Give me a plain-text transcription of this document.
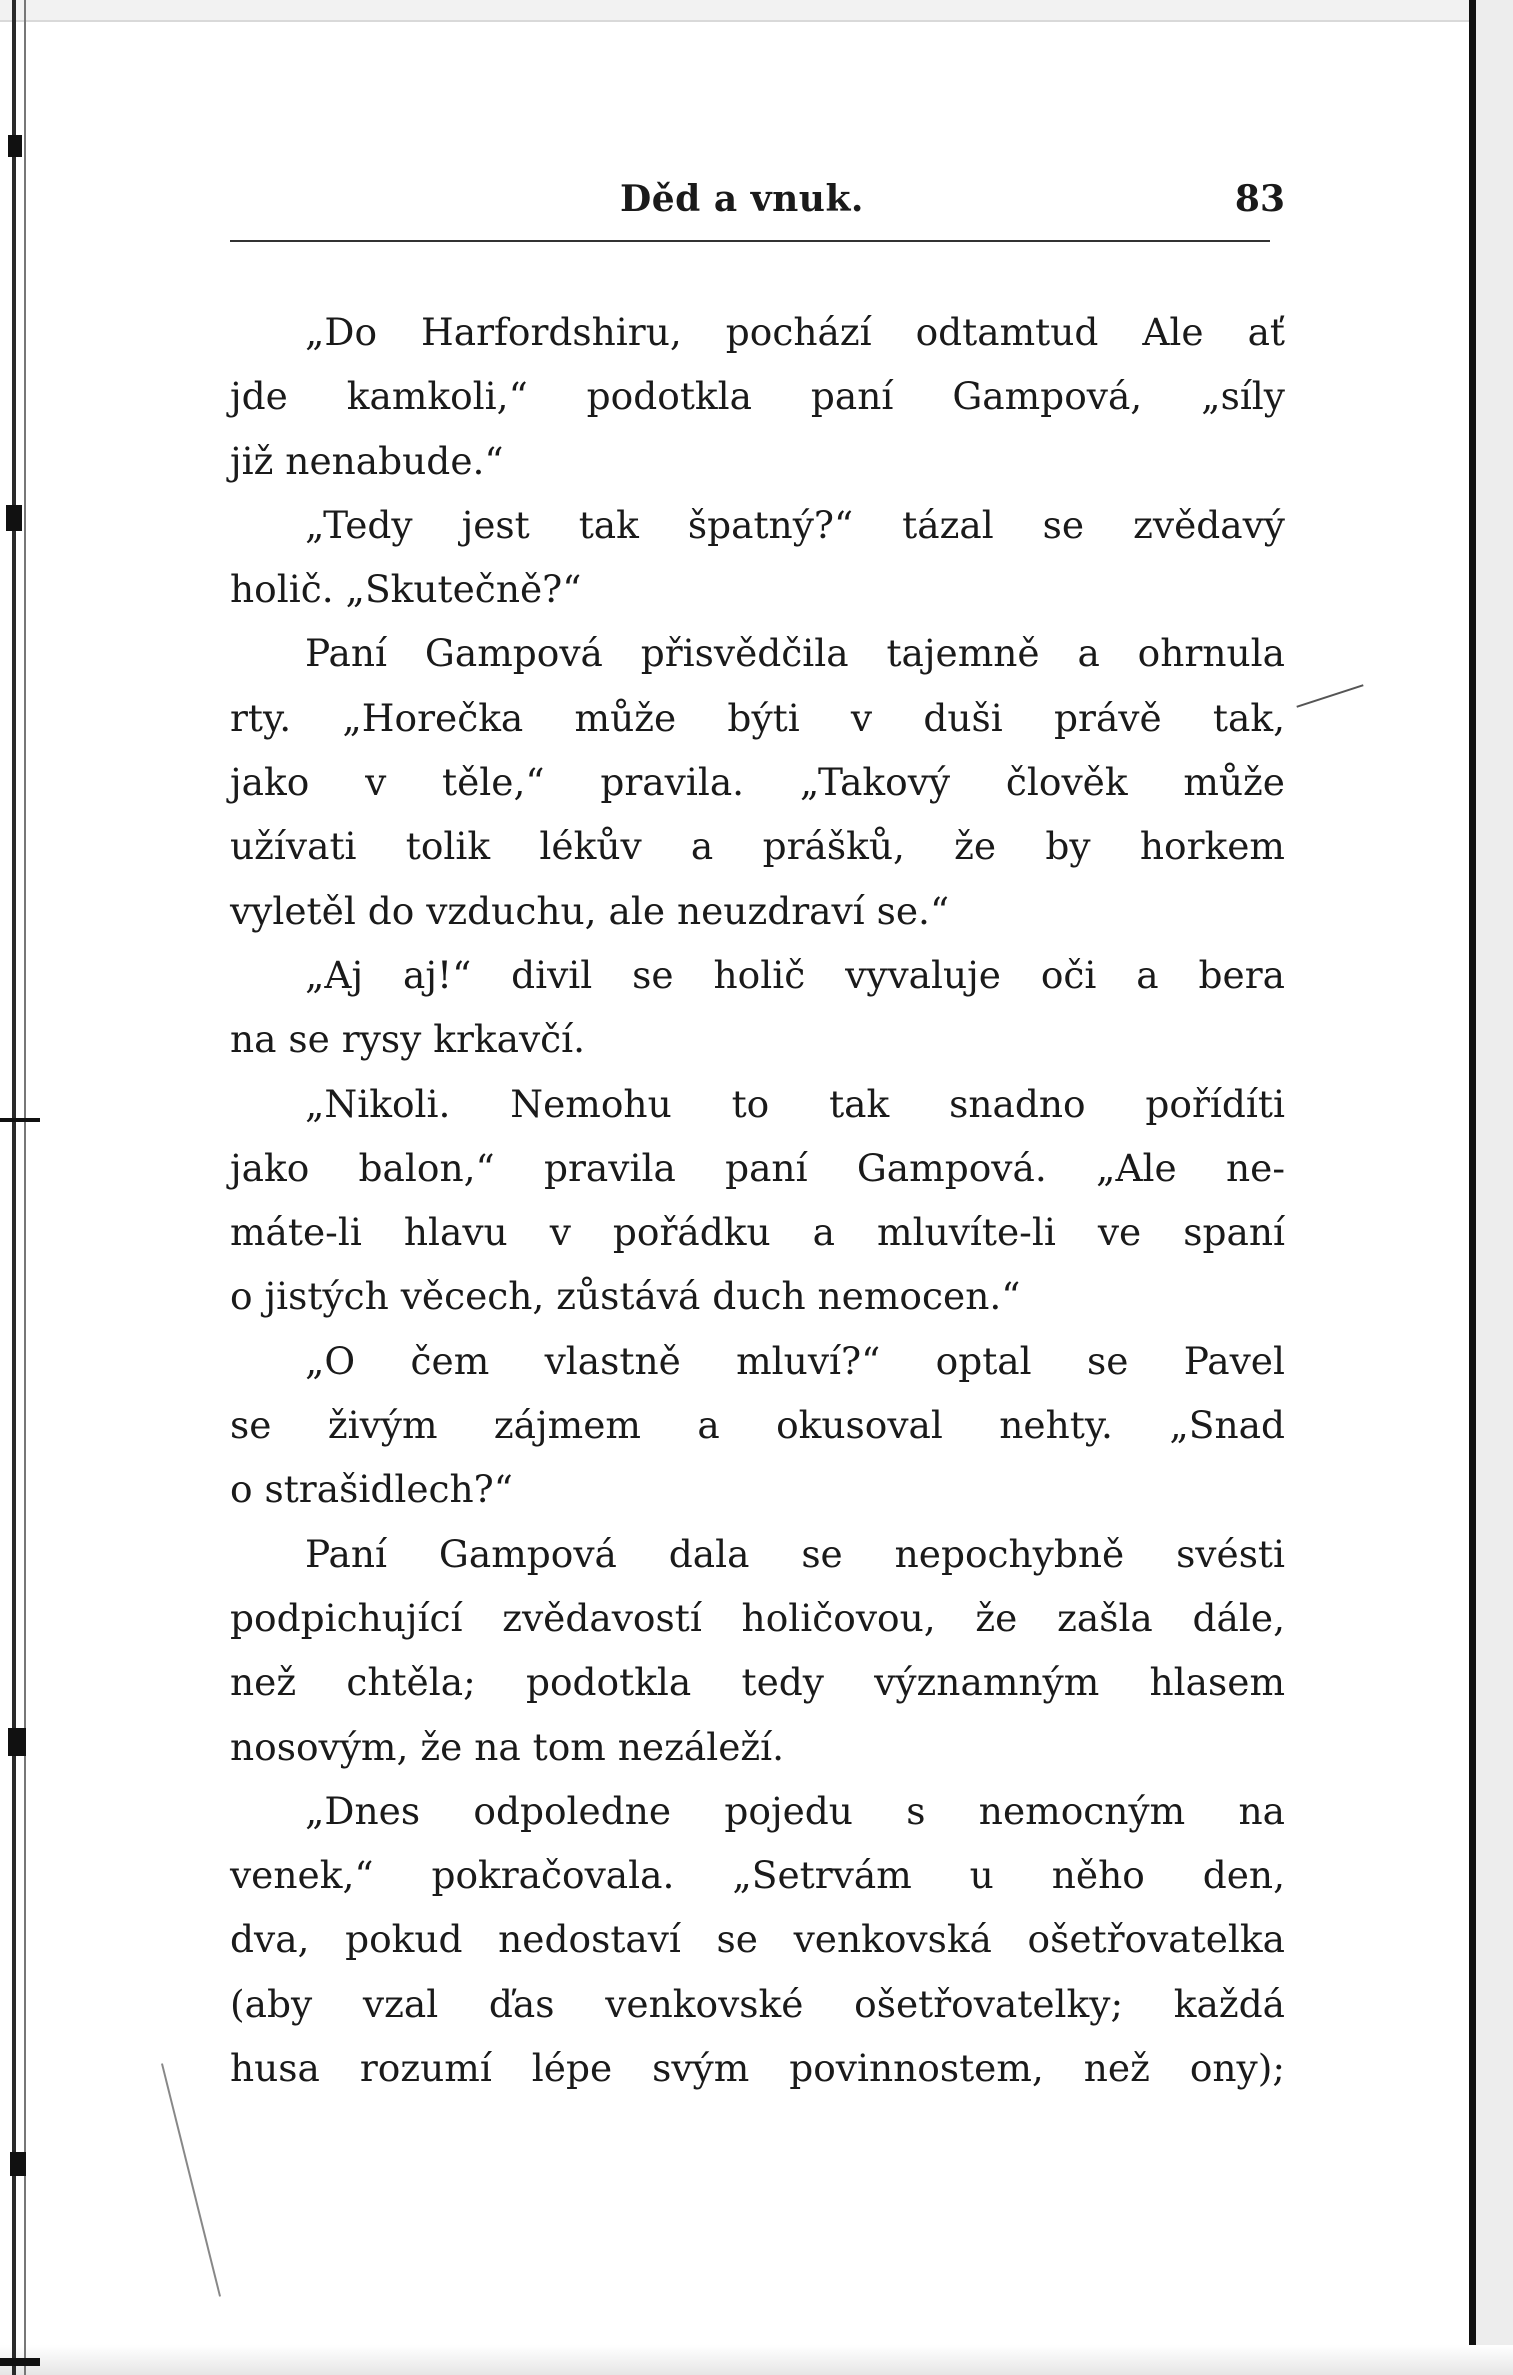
Děd a vnuk.	83
„Do Harfordshiru, pochází odtamtud Ale ať
jde kamkoli,“ podotkla paní Gampová, „síly
již nenabude.“
„Tedy jest tak špatný?“ tázal se zvědavý
holič. „Skutečně?“
Paní Gampová přisvědčila tajemně a ohrnula
rty. „Horečka může býti v duši právě tak,
jako v těle,“ pravila. „Takový člověk může
užívati tolik lékův a prášků, že by horkem
vyletěl do vzduchu, ale neuzdraví se.“
„Aj aj!“ divil se holič vyvaluje oči a bera
na se rysy krkavčí.
„Nikoli. Nemohu to tak snadno pořídíti
jako balon,“ pravila paní Gampová. „Ale ne-
máte-li hlavu v pořádku a mluvíte-li ve spaní
o jistých věcech, zůstává duch nemocen.“
„O čem vlastně mluví?“ optal se Pavel
se živým zájmem a okusoval nehty. „Snad
o strašidlech?“
Paní Gampová dala se nepochybně svésti
podpichující zvědavostí holičovou, že zašla dále,
než chtěla; podotkla tedy významným hlasem
nosovým, že na tom nezáleží.
„Dnes odpoledne pojedu s nemocným na
venek,“ pokračovala. „Setrvám u něho den,
dva, pokud nedostaví se venkovská ošetřovatelka
(aby vzal ďas venkovské ošetřovatelky; každá
husa rozumí lépe svým povinnostem, než ony);
